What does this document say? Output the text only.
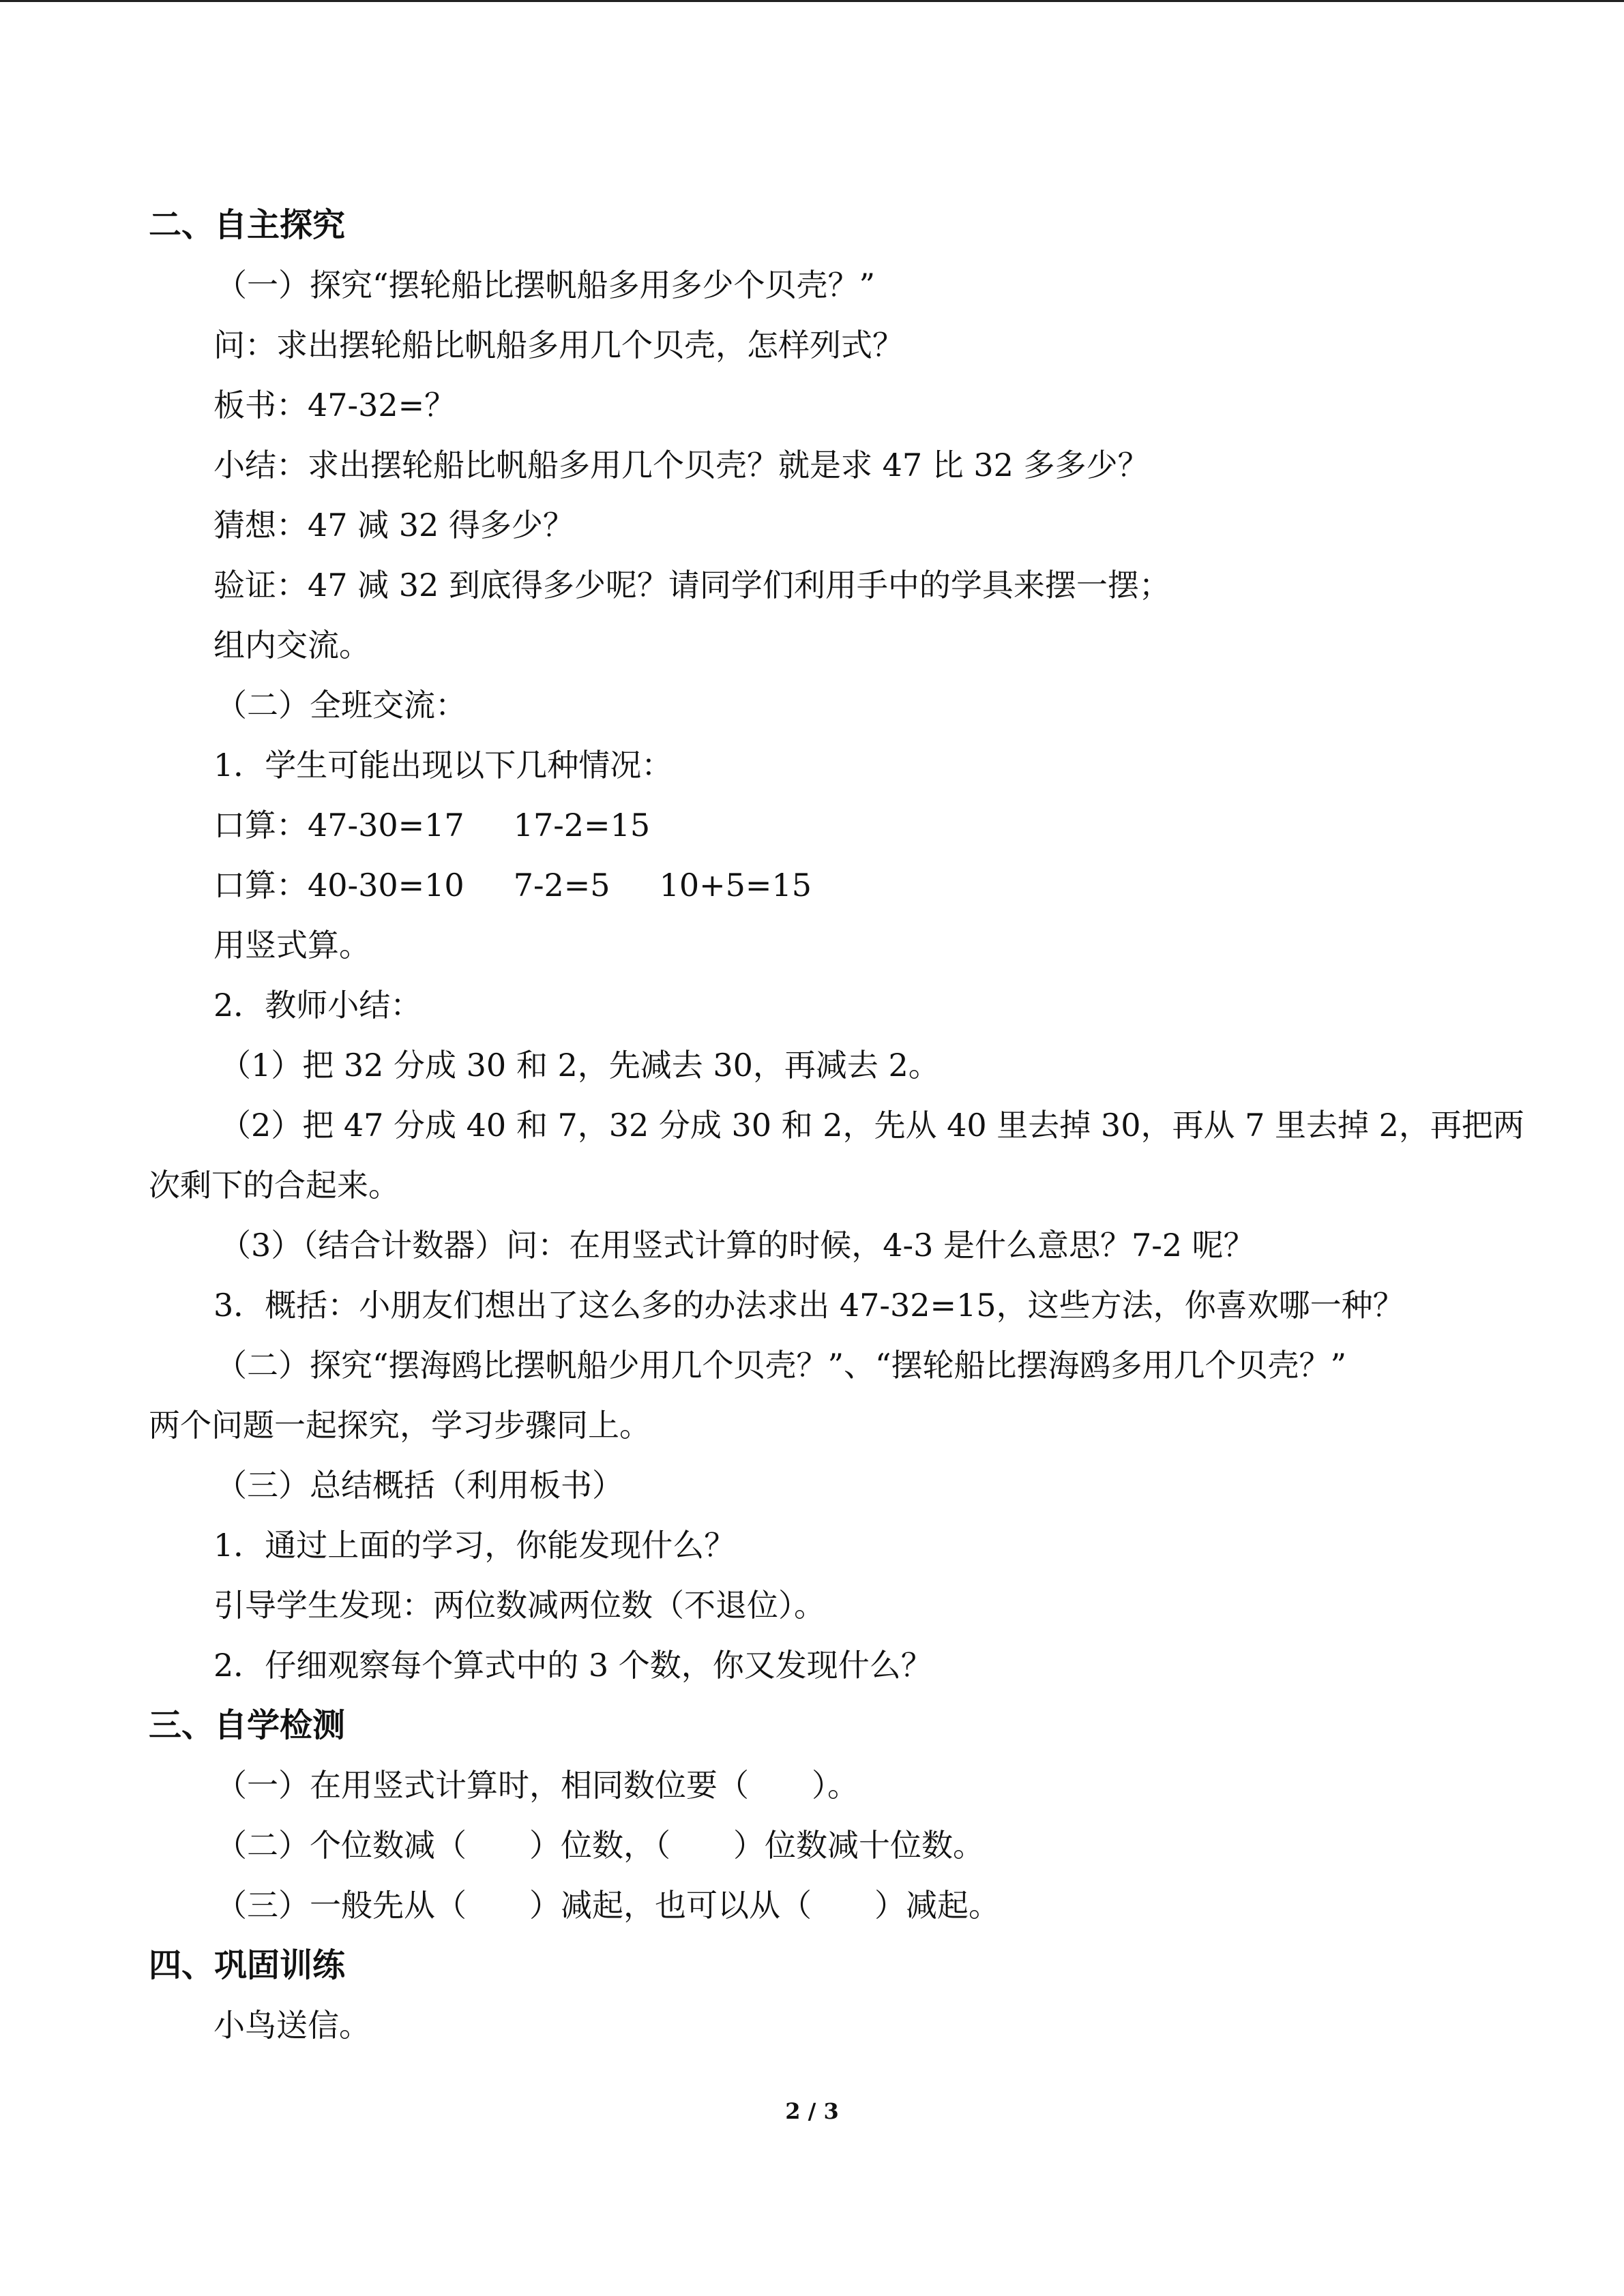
二、自主探究
（一）探究“摆轮船比摆帆船多用多少个贝壳？”
问：求出摆轮船比帆船多用几个贝壳，怎样列式？
板书：47-32=？
小结：求出摆轮船比帆船多用几个贝壳？就是求 47 比 32 多多少？
猜想：47 减 32 得多少？
验证：47 减 32 到底得多少呢？请同学们利用手中的学具来摆一摆；
组内交流。
（二）全班交流：
1．学生可能出现以下几种情况：
口算：47-30=17 17-2=15
口算：40-30=10 7-2=5 10+5=15
用竖式算。
2．教师小结：
（1）把 32 分成 30 和 2，先减去 30，再减去 2。
（2）把 47 分成 40 和 7，32 分成 30 和 2，先从 40 里去掉 30，再从 7 里去掉 2，再把两
次剩下的合起来。
（3）（结合计数器）问：在用竖式计算的时候，4-3 是什么意思？7-2 呢？
3．概括：小朋友们想出了这么多的办法求出 47-32=15，这些方法，你喜欢哪一种？
（二）探究“摆海鸥比摆帆船少用几个贝壳？”、“摆轮船比摆海鸥多用几个贝壳？”
两个问题一起探究，学习步骤同上。
（三）总结概括（利用板书）
1．通过上面的学习，你能发现什么？
引导学生发现：两位数减两位数（不退位）。
2．仔细观察每个算式中的 3 个数，你又发现什么？
三、自学检测
（一）在用竖式计算时，相同数位要（　　）。
（二）个位数减（　　）位数，（　　）位数减十位数。
（三）一般先从（　　）减起，也可以从（　　）减起。
四、巩固训练
小鸟送信。
2 / 3
